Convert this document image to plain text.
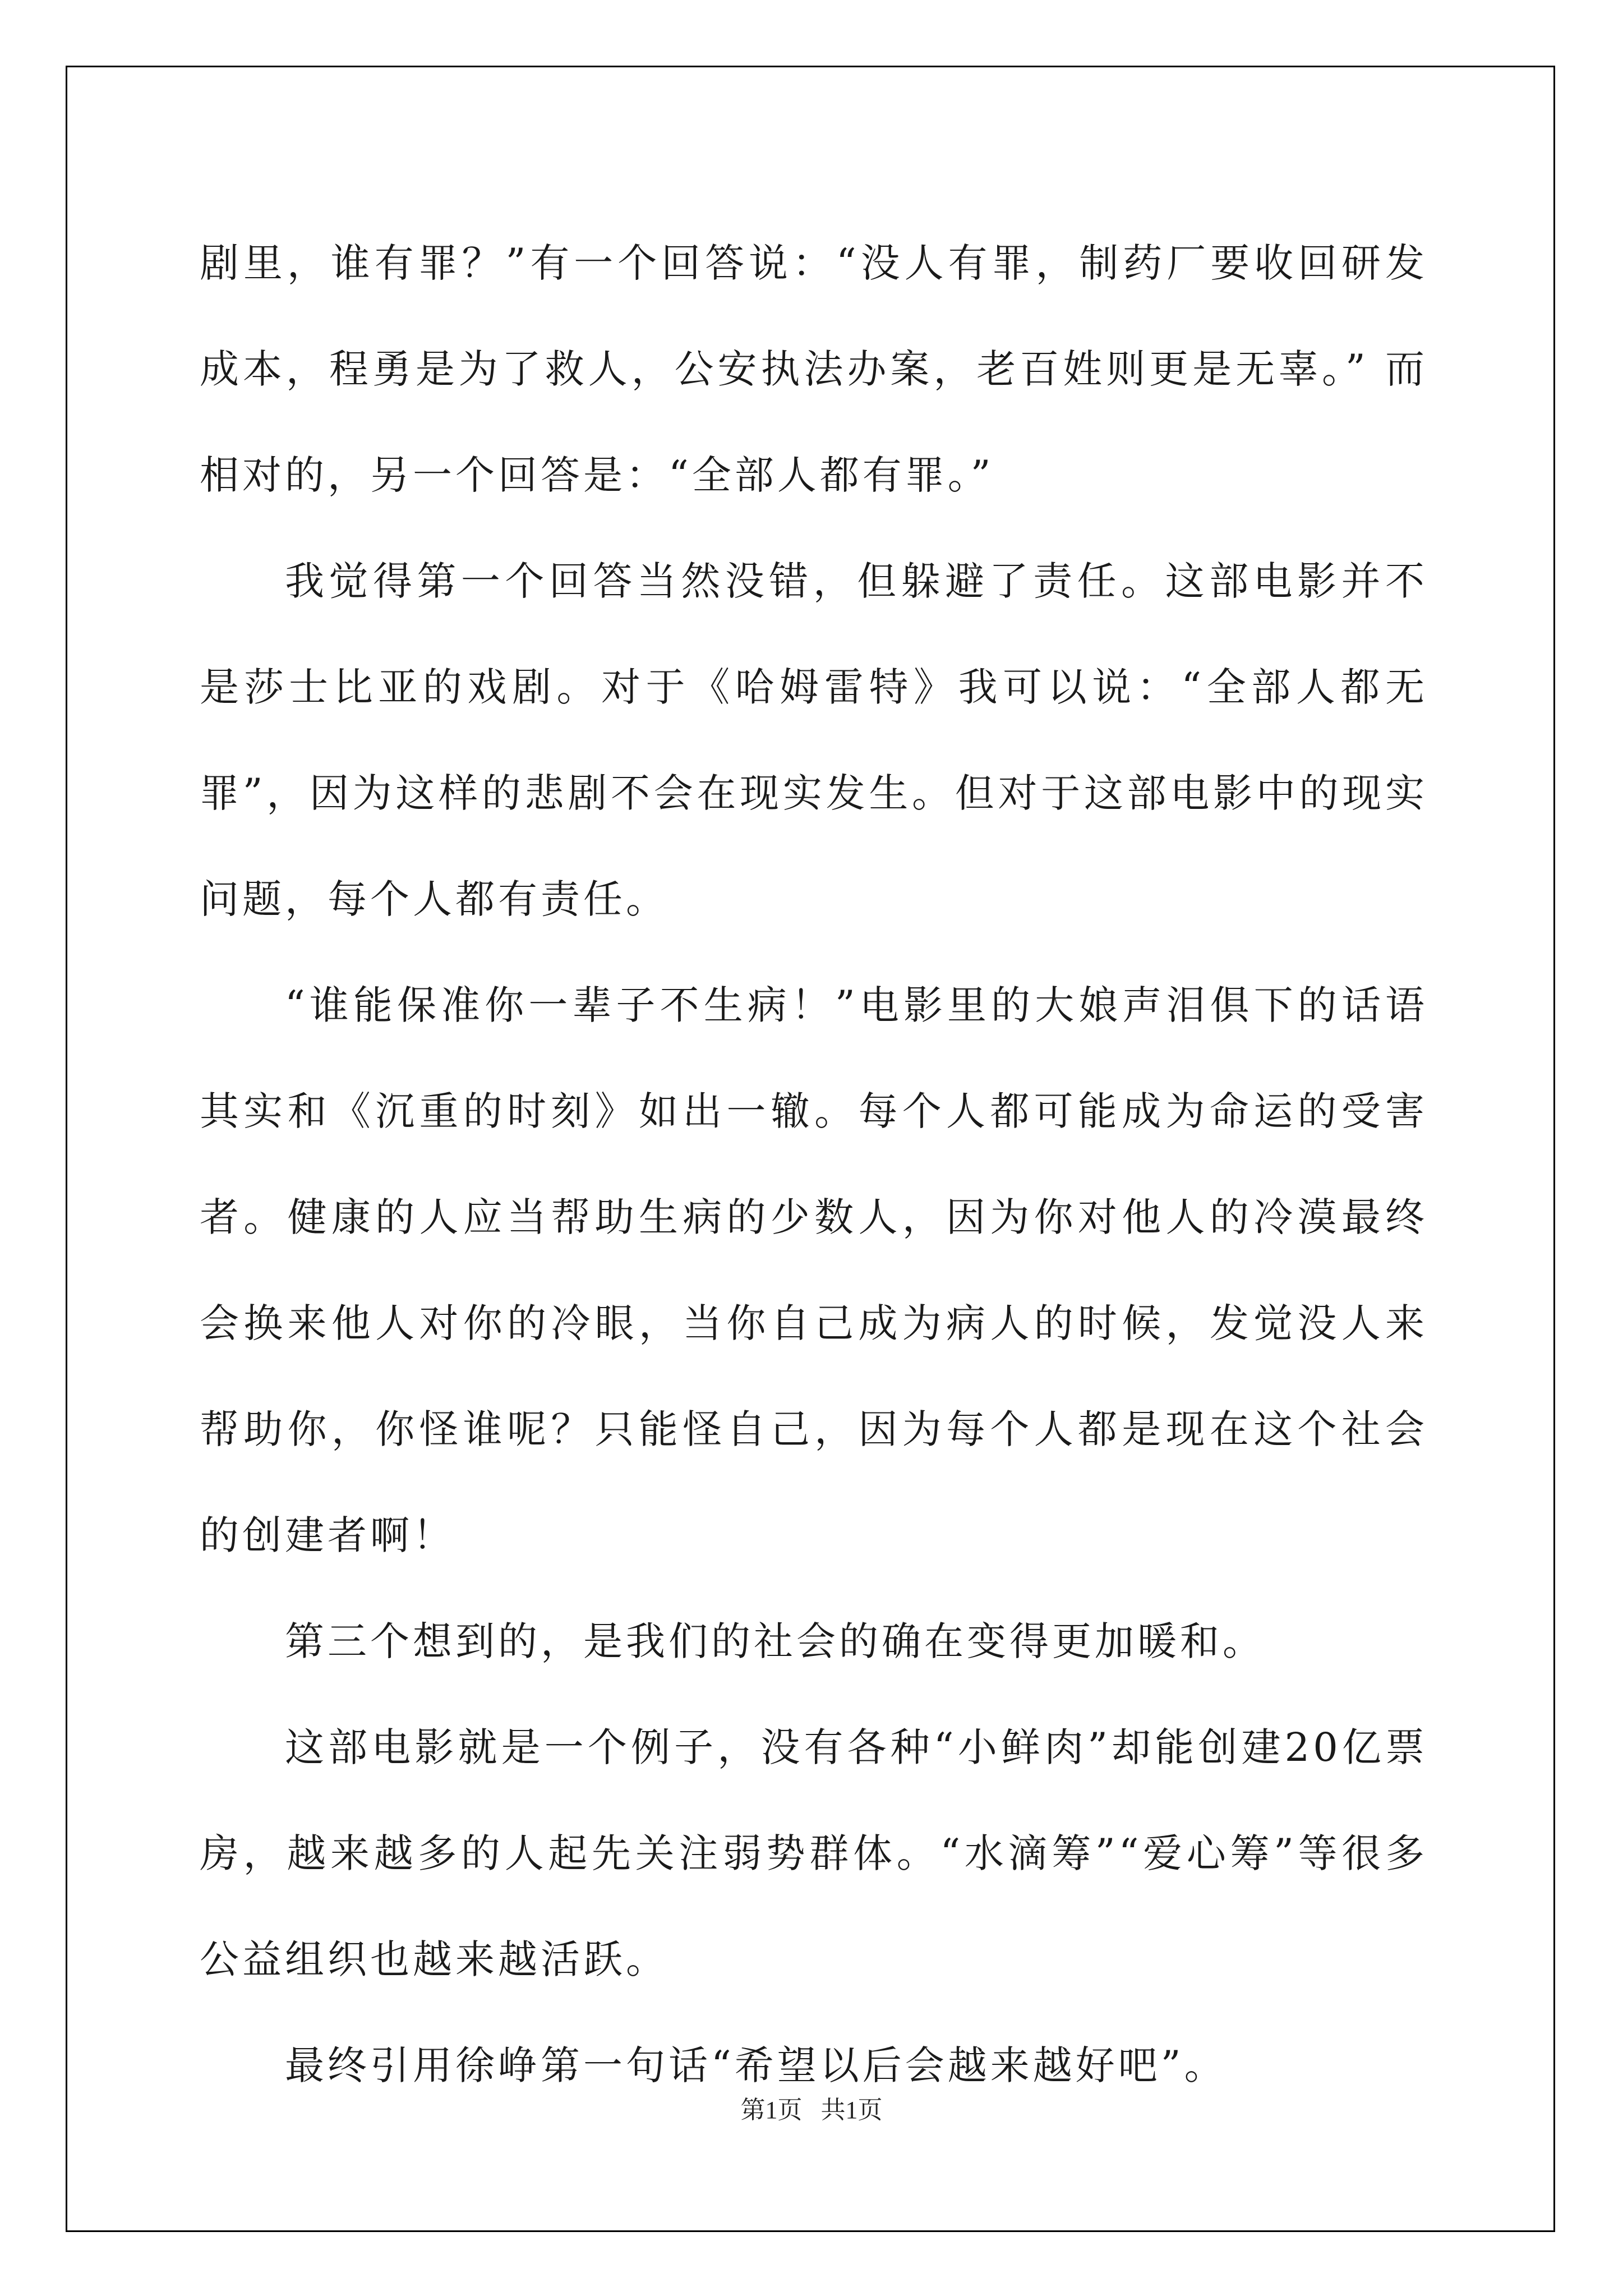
剧里，谁有罪？”有一个回答说：“没人有罪，制药厂要收回研发成本，程勇是为了救人，公安执法办案，老百姓则更是无辜。” 而相对的，另一个回答是：“全部人都有罪。”

我觉得第一个回答当然没错，但躲避了责任。这部电影并不是莎士比亚的戏剧。对于《哈姆雷特》我可以说：“全部人都无罪”，因为这样的悲剧不会在现实发生。但对于这部电影中的现实问题，每个人都有责任。

“谁能保准你一辈子不生病！”电影里的大娘声泪俱下的话语其实和《沉重的时刻》如出一辙。每个人都可能成为命运的受害者。健康的人应当帮助生病的少数人，因为你对他人的冷漠最终会换来他人对你的冷眼，当你自己成为病人的时候，发觉没人来帮助你，你怪谁呢？只能怪自己，因为每个人都是现在这个社会的创建者啊！

第三个想到的，是我们的社会的确在变得更加暖和。

这部电影就是一个例子，没有各种“小鲜肉”却能创建20亿票房，越来越多的人起先关注弱势群体。“水滴筹”“爱心筹”等很多公益组织也越来越活跃。

最终引用徐峥第一句话“希望以后会越来越好吧”。

第1页   共1页
